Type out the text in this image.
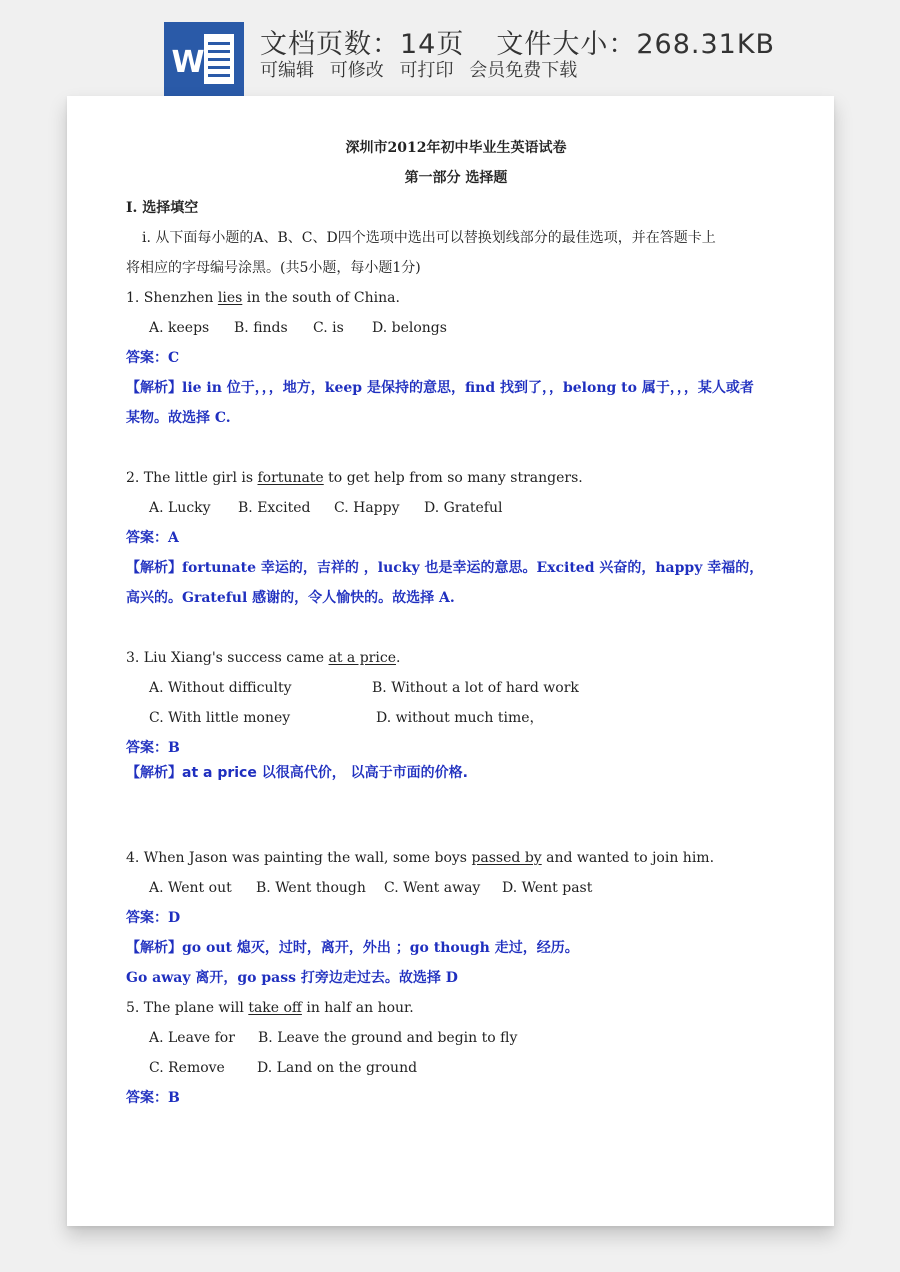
W
文档页数：14页 文件大小：268.31KB
可编辑 可修改 可打印 会员免费下载
深圳市2012年初中毕业生英语试卷
第一部分 选择题
I. 选择填空
i. 从下面每小题的A、B、C、D四个选项中选出可以替换划线部分的最佳选项，并在答题卡上
将相应的字母编号涂黑。(共5小题，每小题1分)
1. Shenzhen lies in the south of China.
A. keeps B. finds C. is D. belongs
答案：C
【解析】lie in 位于，，，地方，keep 是保持的意思，find 找到了，，belong to 属于，，，某人或者
某物。故选择 C.
2. The little girl is fortunate to get help from so many strangers.
A. Lucky B. Excited C. Happy D. Grateful
答案：A
【解析】fortunate 幸运的，吉祥的 ，lucky 也是幸运的意思。Excited 兴奋的，happy 幸福的，
高兴的。Grateful 感谢的，令人愉快的。故选择 A.
3. Liu Xiang's success came at a price.
A. Without difficulty	B. Without a lot of hard work
C. With little money	D. without much time，
答案：B
【解析】at a price 以很高代价， 以高于市面的价格.
4. When Jason was painting the wall, some boys passed by and wanted to join him.
A. Went out B. Went though C. Went away D. Went past
答案：D
【解析】go out 熄灭，过时，离开，外出 ；go though 走过，经历。
Go away 离开，go pass 打旁边走过去。故选择 D
5. The plane will take off in half an hour.
A. Leave for B. Leave the ground and begin to fly
C. Remove D. Land on the ground
答案：B
